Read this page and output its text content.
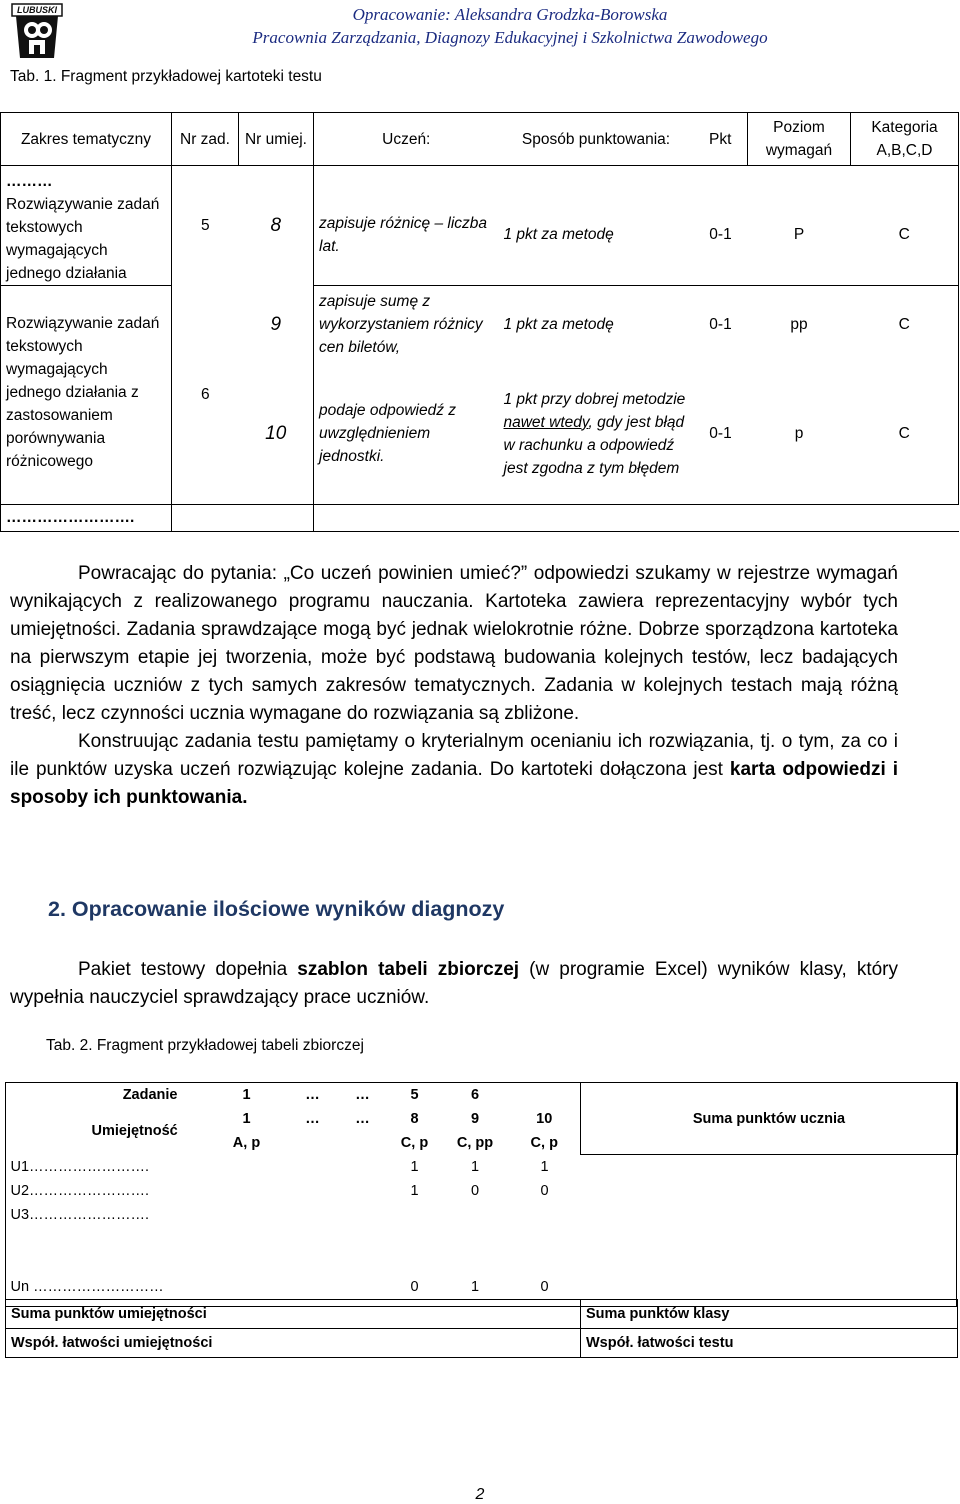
LUBUSKI	Opracowanie: Aleksandra Grodzka-Borowska
Pracownia Zarządzania, Diagnozy Edukacyjnej i Szkolnictwa Zawodowego
Tab. 1. Fragment przykładowej kartoteki testu
Zakres tematyczny	Nr zad.	Nr umiej.	Uczeń:	Sposób punktowania:	Pkt	Poziom wymagań	Kategoria A,B,C,D

………
Rozwiązywanie zadań tekstowych wymagających jednego działania	5	8	zapisuje różnicę – liczba lat.	1 pkt za metodę	0-1	P	C
Rozwiązywanie zadań tekstowych wymagających jednego działania z zastosowaniem porównywania różnicowego	6	9	zapisuje sumę z wykorzystaniem różnicy cen biletów,	1 pkt za metodę	0-1	pp	C
		10	podaje odpowiedź z uwzględnieniem jednostki.	1 pkt przy dobrej metodzie nawet wtedy, gdy jest błąd w rachunku a odpowiedź jest zgodna z tym błędem	0-1	p	C
…………………….							

Powracając do pytania: „Co uczeń powinien umieć?” odpowiedzi szukamy w rejestrze wymagań wynikających z realizowanego programu nauczania. Kartoteka zawiera reprezentacyjny wybór tych umiejętności. Zadania sprawdzające mogą być jednak wielokrotnie różne. Dobrze sporządzona kartoteka na pierwszym etapie jej tworzenia, może być podstawą budowania kolejnych testów, lecz badających osiągnięcia uczniów z tych samych zakresów tematycznych. Zadania w kolejnych testach mają różną treść, lecz czynności ucznia wymagane do rozwiązania są zbliżone.

Konstruując zadania testu pamiętamy o kryterialnym ocenianiu ich rozwiązania, tj. o tym, za co i ile punktów uzyska uczeń rozwiązując kolejne zadania. Do kartoteki dołączona jest karta odpowiedzi i sposoby ich punktowania.

2. Opracowanie ilościowe wyników diagnozy

Pakiet testowy dopełnia szablon tabeli zbiorczej (w programie Excel) wyników klasy, który wypełnia nauczyciel sprawdzający prace uczniów.

Tab. 2. Fragment przykładowej tabeli zbiorczej
Zadanie	1	…	…	5	6		Suma punktów ucznia
Umiejętność	1	…	…	8	9	10	
	A, p			C, p	C, pp	C, p	
U1…………………….				1	1	1	
U2…………………….				1	0	0	
U3…………………….							

Un ………………………				0	1	0	
Suma punktów umiejętności							Suma punktów klasy
Współ. łatwości umiejętności							Współ. łatwości testu
2
